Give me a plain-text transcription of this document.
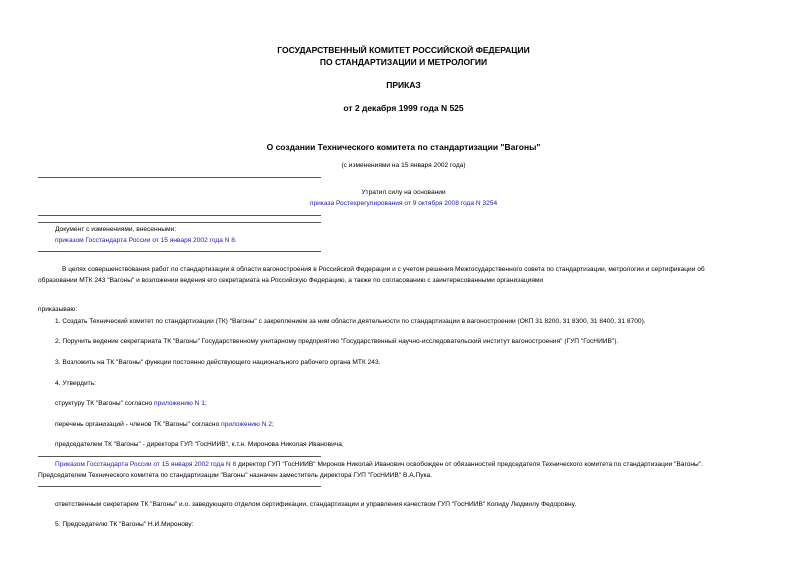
ГОСУДАРСТВЕННЫЙ КОМИТЕТ РОССИЙСКОЙ ФЕДЕРАЦИИ
ПО СТАНДАРТИЗАЦИИ И МЕТРОЛОГИИ
ПРИКАЗ
от 2 декабря 1999 года N 525
О создании Технического комитета по стандартизации "Вагоны"
(с изменениями на 15 января 2002 года)
Утратил силу на основании
приказа Ростехрегулирования от 9 октября 2008 года N 3254
Документ с изменениями, внесенными:
приказом Госстандарта России от 15 января 2002 года N 8.
В целях совершенствования работ по стандартизации в области вагоностроения в Российской Федерации и с учетом решения Межгосударственного совета по стандартизации, метрологии и сертификации об
образовании МТК 243 "Вагоны" и возложении ведения его секретариата на Российскую Федерацию, а также по согласованию с заинтересованными организациями
приказываю:
1. Создать Технический комитет по стандартизации (ТК) "Вагоны" с закреплением за ним области деятельности по стандартизации в вагоностроении (ОКП 31 8200, 31 8300, 31 8400, 31 8700).
2. Поручить ведение секретариата ТК "Вагоны" Государственному унитарному предприятию "Государственный научно-исследовательский институт вагоностроения" (ГУП "ГосНИИВ").
3. Возложить на ТК "Вагоны" функции постоянно действующего национального рабочего органа МТК 243.
4. Утвердить:
структуру ТК "Вагоны" согласно приложению N 1;
перечень организаций - членов ТК "Вагоны" согласно приложению N 2;
председателем ТК "Вагоны" - директора ГУП "ГосНИИВ", к.т.н. Миронова Николая Ивановича;
Приказом Госстандарта России от 15 января 2002 года N 8 директор ГУП "ГосНИИВ" Миронов Николай Иванович освобожден от обязанностей председателя Технического комитета по стандартизации "Вагоны".
Председателем Технического комитета по стандартизации "Вагоны" назначен заместитель директора ГУП "ГосНИИВ" В.А.Пука.
ответственным секретарем ТК "Вагоны" и.о. заведующего отделом сертификации, стандартизации и управления качеством ГУП "ГосНИИВ" Колиду Людмилу Федоровну.
5. Председателю ТК "Вагоны" Н.И.Миронову:
